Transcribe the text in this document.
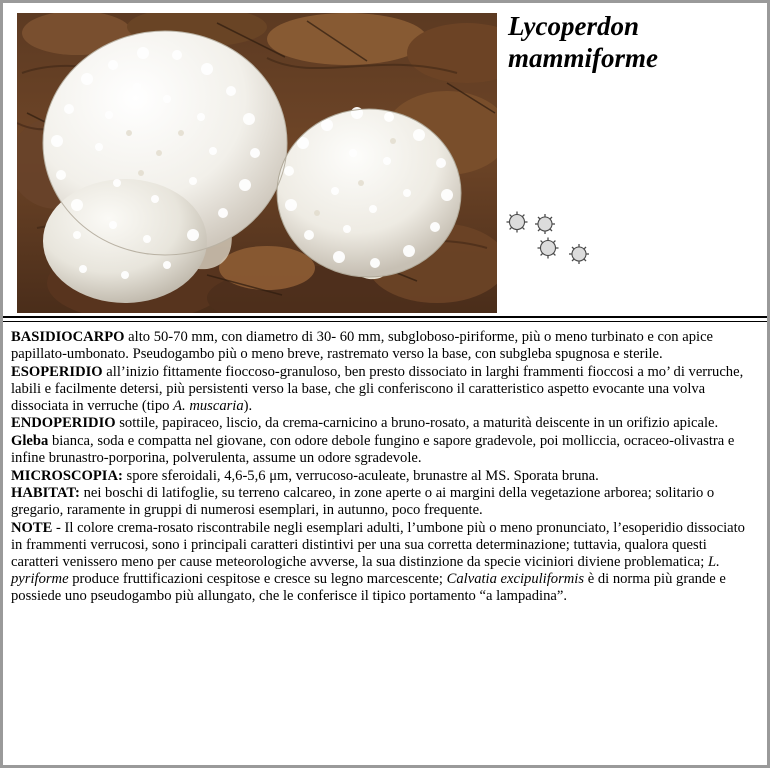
Lycoperdon
mammiforme

BASIDIOCARPO alto 50-70 mm, con diametro di 30- 60 mm, subgloboso-piriforme, più o meno turbinato e con apice papillato-umbonato. Pseudogambo più o meno breve, rastremato verso la base, con subgleba spugnosa e sterile.

ESOPERIDIO all’inizio fittamente fioccoso-granuloso, ben presto dissociato in larghi frammenti fioccosi a mo’ di verruche, labili e facilmente detersi, più persistenti verso la base, che gli conferiscono il caratteristico aspetto evocante una volva dissociata in verruche (tipo A. muscaria).

ENDOPERIDIO sottile, papiraceo, liscio, da crema-carnicino a bruno-rosato, a maturità deiscente in un orifizio apicale.

Gleba bianca, soda e compatta nel giovane, con odore debole fungino e sapore gradevole, poi molliccia, ocraceo-olivastra e infine brunastro-porporina, polverulenta, assume un odore sgradevole.

MICROSCOPIA: spore sferoidali, 4,6-5,6 μm, verrucoso-aculeate, brunastre al MS. Sporata bruna.

HABITAT: nei boschi di latifoglie, su terreno calcareo, in zone aperte o ai margini della vegetazione arborea; solitario o gregario, raramente in gruppi di numerosi esemplari, in autunno, poco frequente.

NOTE - Il colore crema-rosato riscontrabile negli esemplari adulti, l’umbone più o meno pronunciato, l’esoperidio dissociato in frammenti verrucosi, sono i principali caratteri distintivi per una sua corretta determinazione; tuttavia, qualora questi caratteri venissero meno per cause meteorologiche avverse, la sua distinzione da specie viciniori diviene problematica; L. pyriforme produce fruttificazioni cespitose e cresce su legno marcescente; Calvatia excipuliformis è di norma più grande e possiede uno pseudogambo più allungato, che le conferisce il tipico portamento “a lampadina”.
